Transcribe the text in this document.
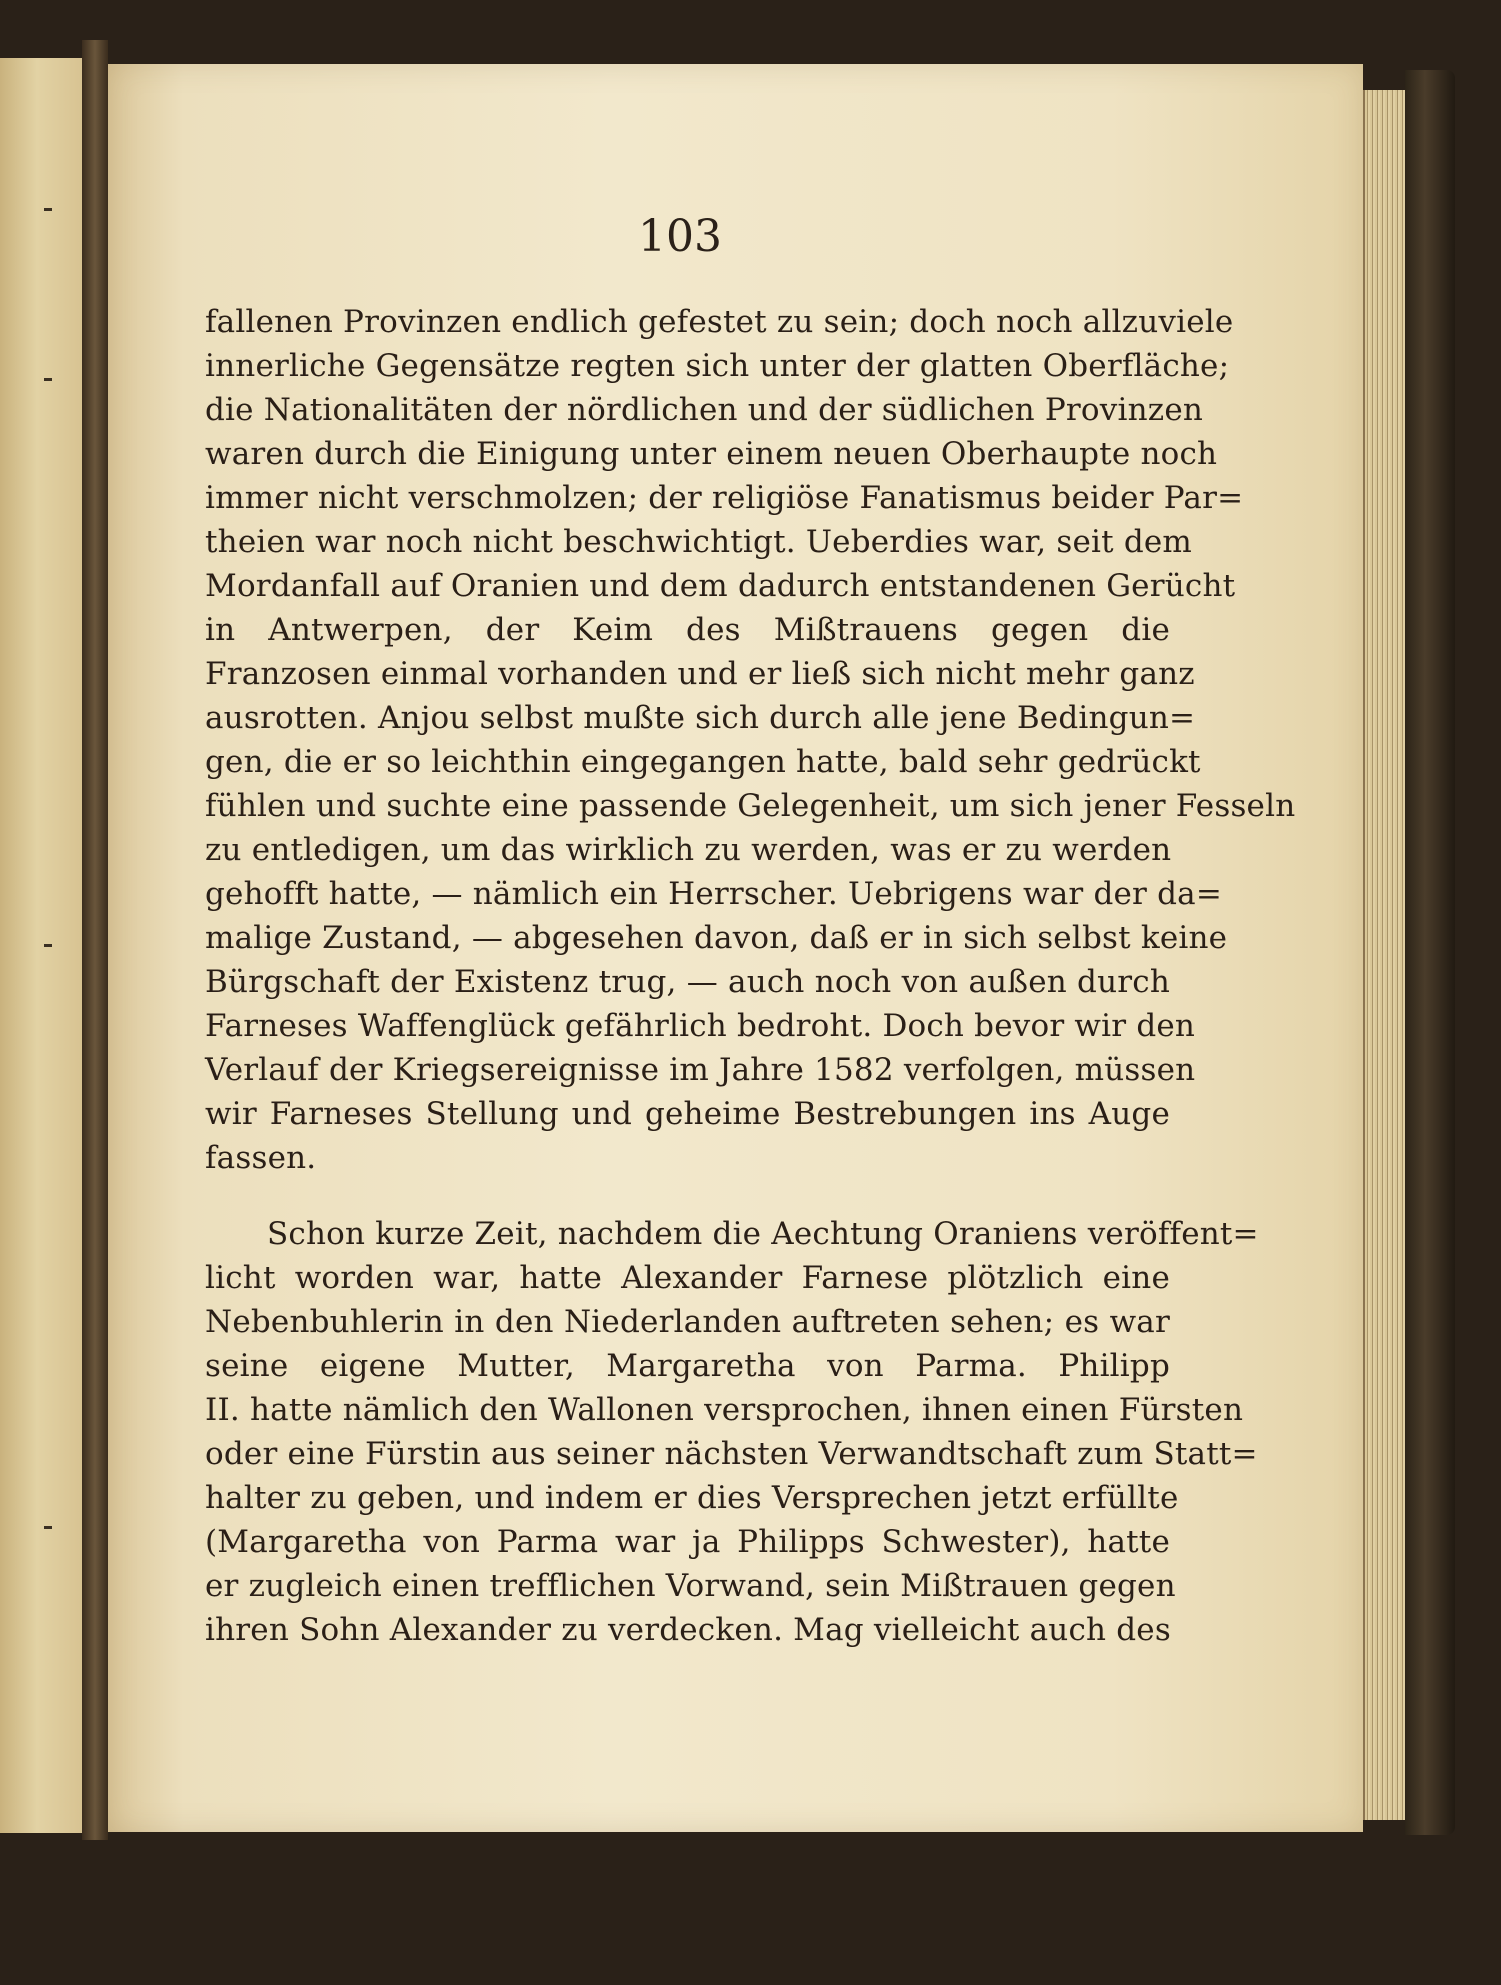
103
fallenen Provinzen endlich gefestet zu sein; doch noch allzuviele
innerliche Gegensätze regten sich unter der glatten Oberfläche;
die Nationalitäten der nördlichen und der südlichen Provinzen
waren durch die Einigung unter einem neuen Oberhaupte noch
immer nicht verschmolzen; der religiöse Fanatismus beider Par=
theien war noch nicht beschwichtigt. Ueberdies war, seit dem
Mordanfall auf Oranien und dem dadurch entstandenen Gerücht
in Antwerpen, der Keim des Mißtrauens gegen die
Franzosen einmal vorhanden und er ließ sich nicht mehr ganz
ausrotten. Anjou selbst mußte sich durch alle jene Bedingun=
gen, die er so leichthin eingegangen hatte, bald sehr gedrückt
fühlen und suchte eine passende Gelegenheit, um sich jener Fesseln
zu entledigen, um das wirklich zu werden, was er zu werden
gehofft hatte, — nämlich ein Herrscher. Uebrigens war der da=
malige Zustand, — abgesehen davon, daß er in sich selbst keine
Bürgschaft der Existenz trug, — auch noch von außen durch
Farneses Waffenglück gefährlich bedroht. Doch bevor wir den
Verlauf der Kriegsereignisse im Jahre 1582 verfolgen, müssen
wir Farneses Stellung und geheime Bestrebungen ins Auge
fassen.
Schon kurze Zeit, nachdem die Aechtung Oraniens veröffent=
licht worden war, hatte Alexander Farnese plötzlich eine
Nebenbuhlerin in den Niederlanden auftreten sehen; es war
seine eigene Mutter, Margaretha von Parma. Philipp
II. hatte nämlich den Wallonen versprochen, ihnen einen Fürsten
oder eine Fürstin aus seiner nächsten Verwandtschaft zum Statt=
halter zu geben, und indem er dies Versprechen jetzt erfüllte
(Margaretha von Parma war ja Philipps Schwester), hatte
er zugleich einen trefflichen Vorwand, sein Mißtrauen gegen
ihren Sohn Alexander zu verdecken. Mag vielleicht auch des
